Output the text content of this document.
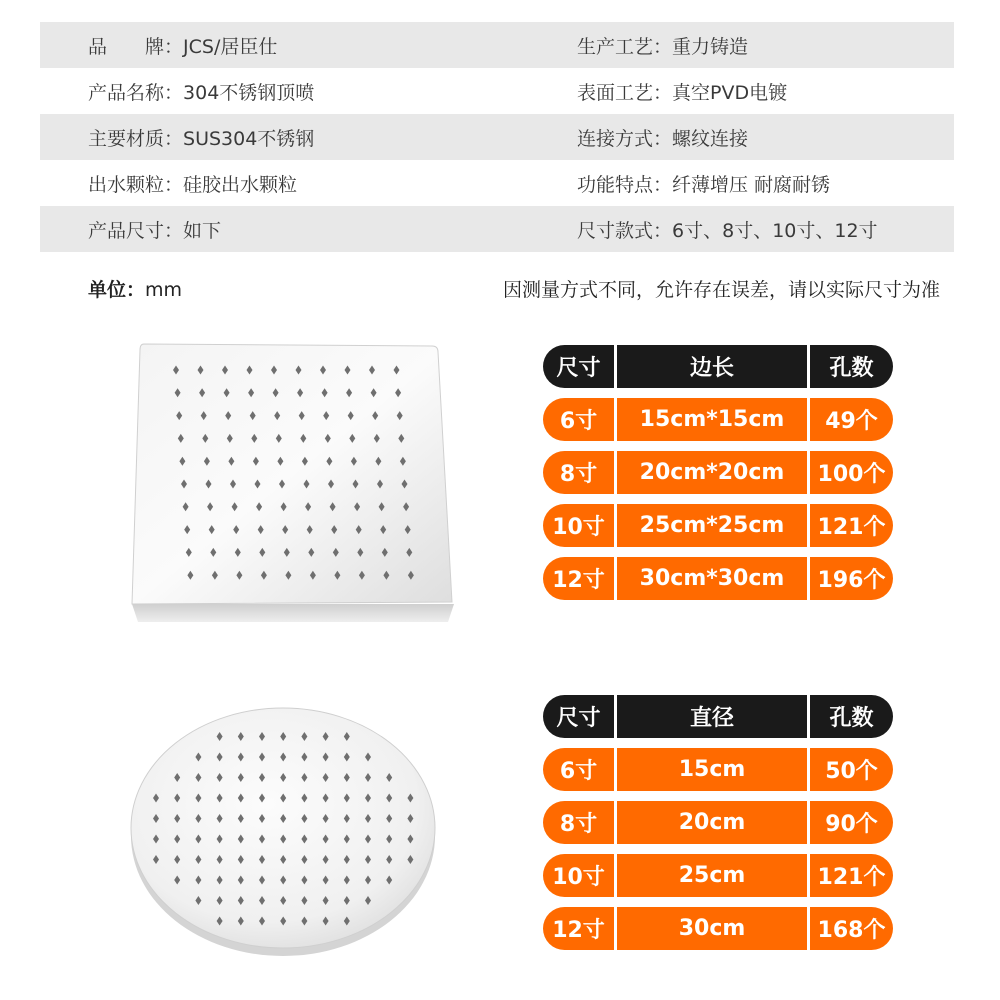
品　　牌： JCS/居臣仕	生产工艺： 重力铸造
产品名称： 304不锈钢顶喷	表面工艺： 真空PVD电镀
主要材质： SUS304不锈钢	连接方式： 螺纹连接
出水颗粒： 硅胶出水颗粒	功能特点： 纤薄增压 耐腐耐锈
产品尺寸： 如下	尺寸款式： 6寸、8寸、10寸、12寸
单位：mm	因测量方式不同，允许存在误差，请以实际尺寸为准
尺寸	边长	孔数
6寸	15cm*15cm	49个
8寸	20cm*20cm	100个
10寸	25cm*25cm	121个
12寸	30cm*30cm	196个
尺寸	直径	孔数
6寸	15cm	50个
8寸	20cm	90个
10寸	25cm	121个
12寸	30cm	168个
